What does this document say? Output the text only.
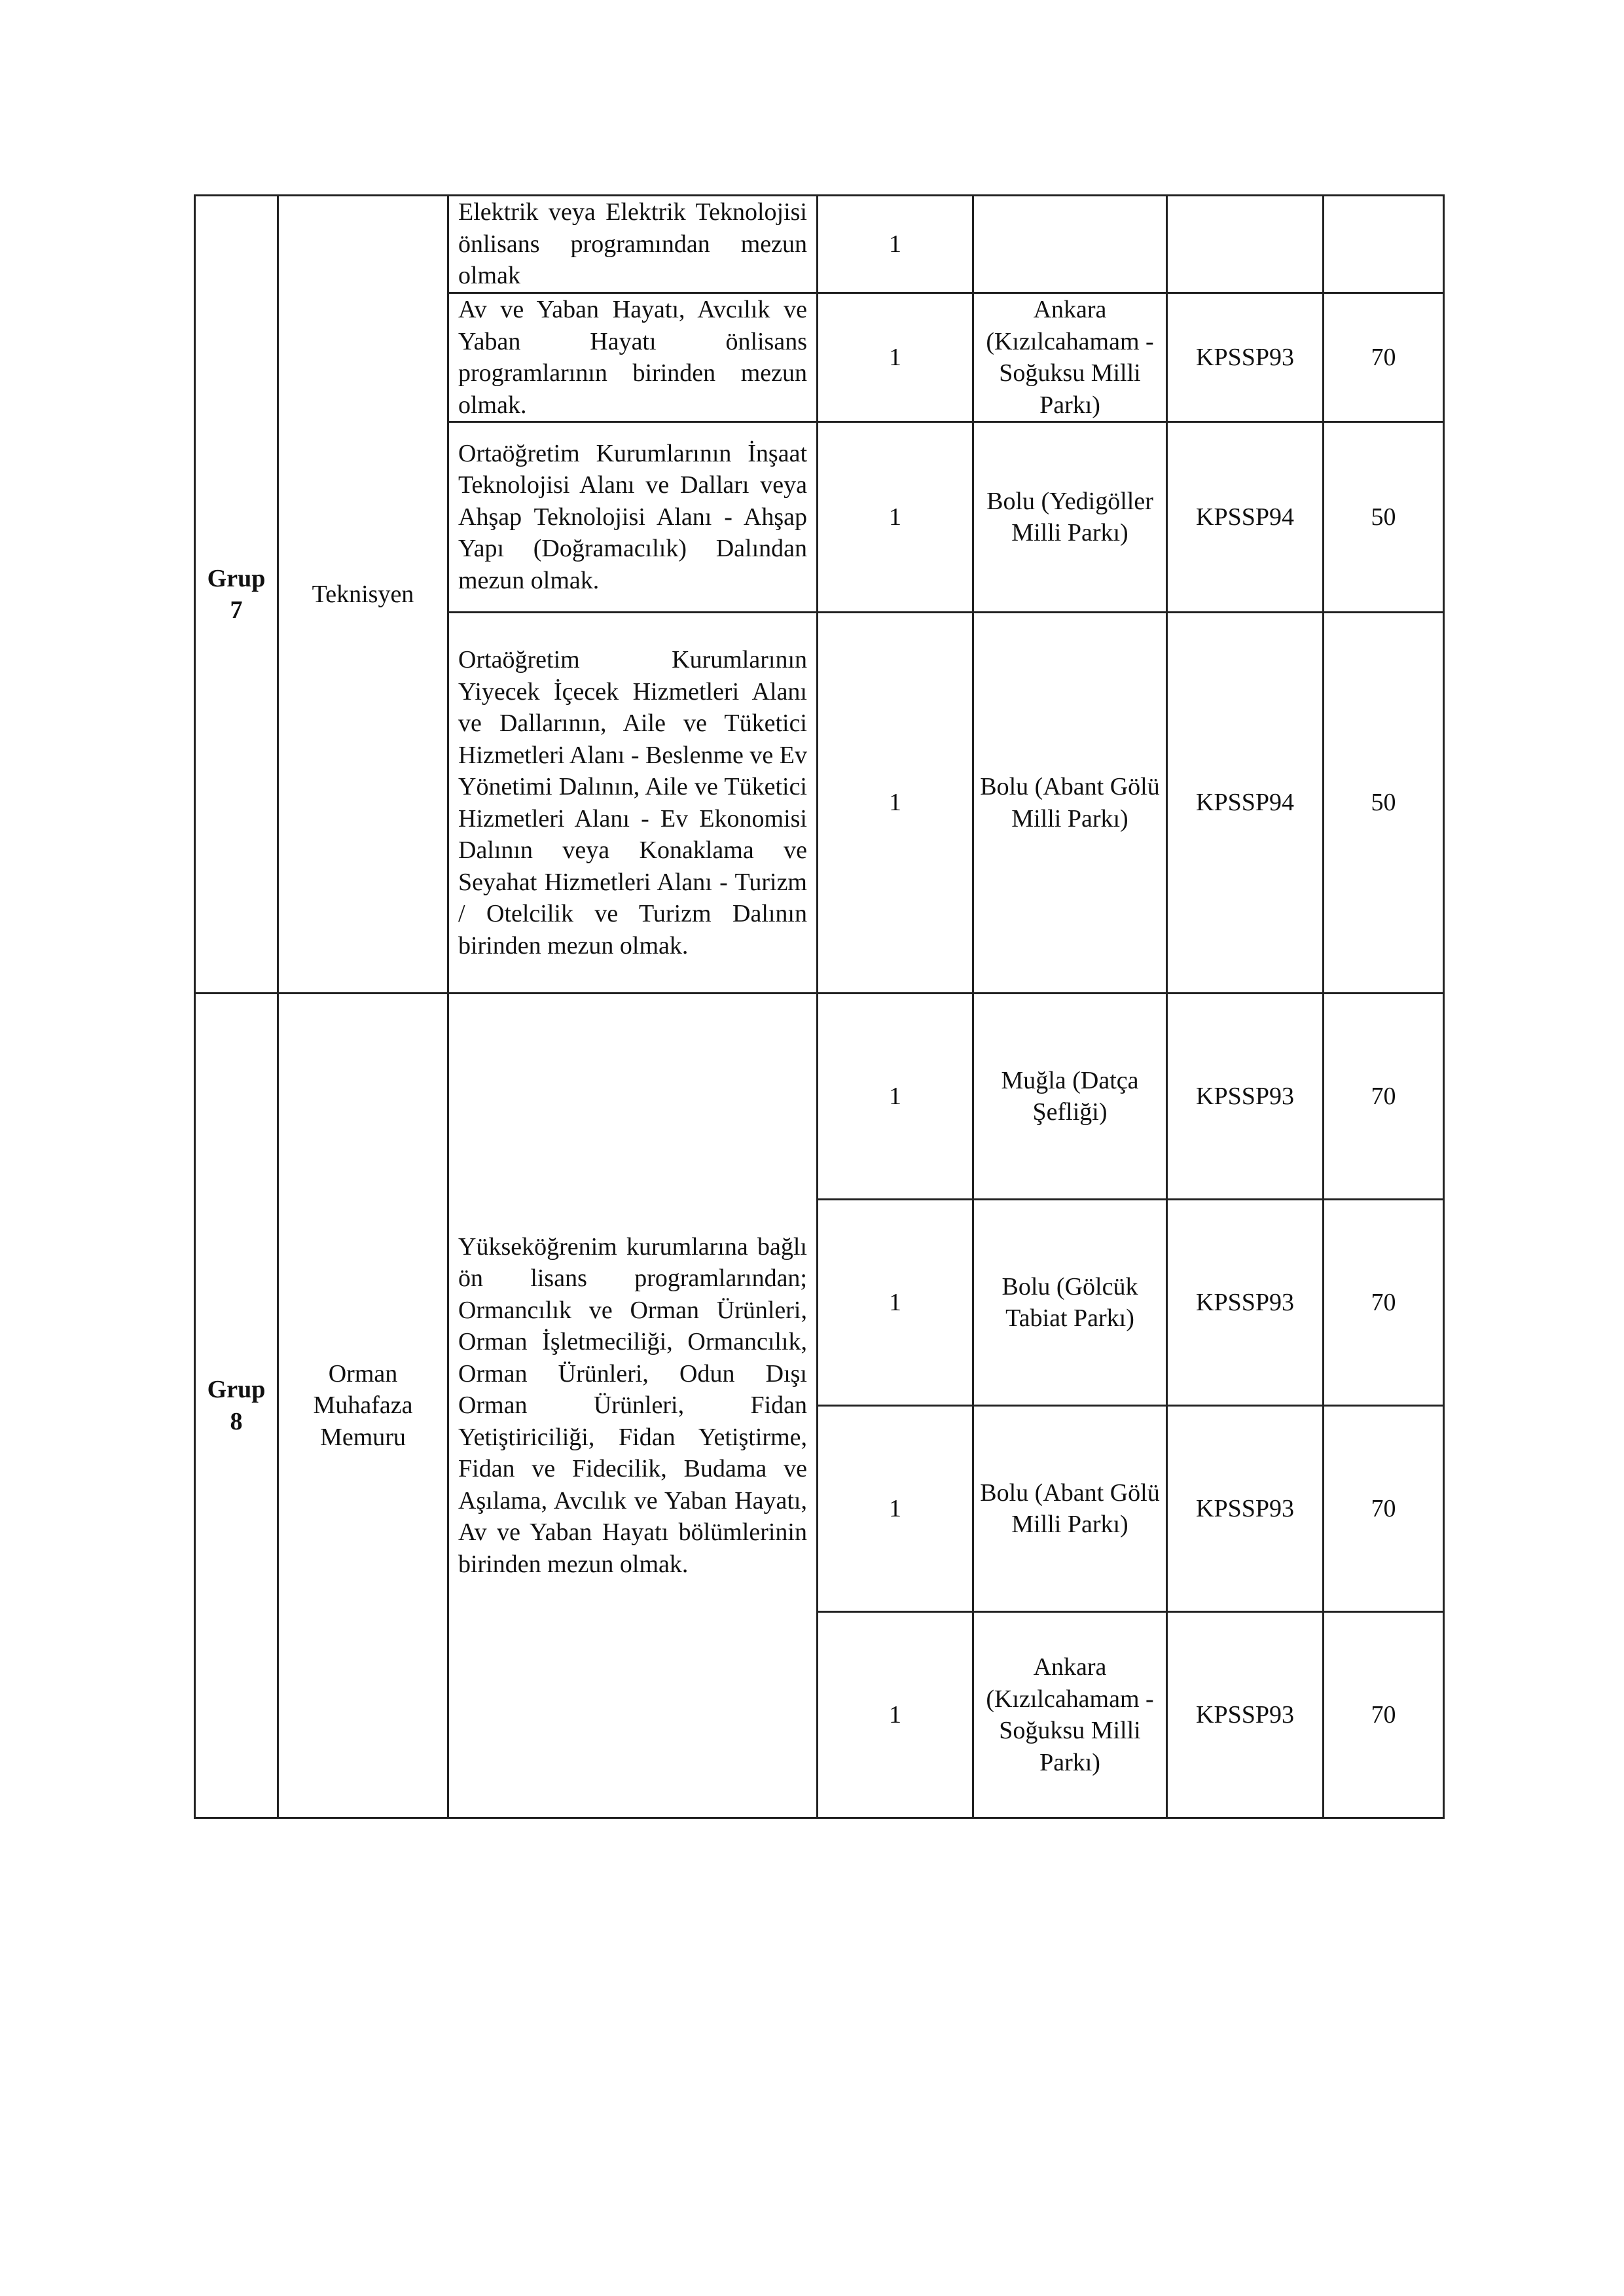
Grup
7	Teknisyen	Elektrik veya Elektrik Teknolojisi önlisans programından mezun olmak	1			

		Av ve Yaban Hayatı, Avcılık ve Yaban Hayatı önlisans programlarının birinden mezun olmak.	1	Ankara (Kızılcahamam - Soğuksu Milli Parkı)	KPSSP93	70

		Ortaöğretim Kurumlarının İnşaat Teknolojisi Alanı ve Dalları veya Ahşap Teknolojisi Alanı - Ahşap Yapı (Doğramacılık) Dalından mezun olmak.	1	Bolu (Yedigöller Milli Parkı)	KPSSP94	50

		Ortaöğretim Kurumlarının Yiyecek İçecek Hizmetleri Alanı ve Dallarının, Aile ve Tüketici Hizmetleri Alanı - Beslenme ve Ev Yönetimi Dalının, Aile ve Tüketici Hizmetleri Alanı - Ev Ekonomisi Dalının veya Konaklama ve Seyahat Hizmetleri Alanı - Turizm / Otelcilik ve Turizm Dalının birinden mezun olmak.	1	Bolu (Abant Gölü Milli Parkı)	KPSSP94	50

Grup
8	Orman Muhafaza Memuru	Yükseköğrenim kurumlarına bağlı ön lisans programlarından; Ormancılık ve Orman Ürünleri, Orman İşletmeciliği, Ormancılık, Orman Ürünleri, Odun Dışı Orman Ürünleri, Fidan Yetiştiriciliği, Fidan Yetiştirme, Fidan ve Fidecilik, Budama ve Aşılama, Avcılık ve Yaban Hayatı, Av ve Yaban Hayatı bölümlerinin birinden mezun olmak.	1	Muğla (Datça Şefliği)	KPSSP93	70
			1	Bolu (Gölcük Tabiat Parkı)	KPSSP93	70
			1	Bolu (Abant Gölü Milli Parkı)	KPSSP93	70
			1	Ankara (Kızılcahamam - Soğuksu Milli Parkı)	KPSSP93	70
